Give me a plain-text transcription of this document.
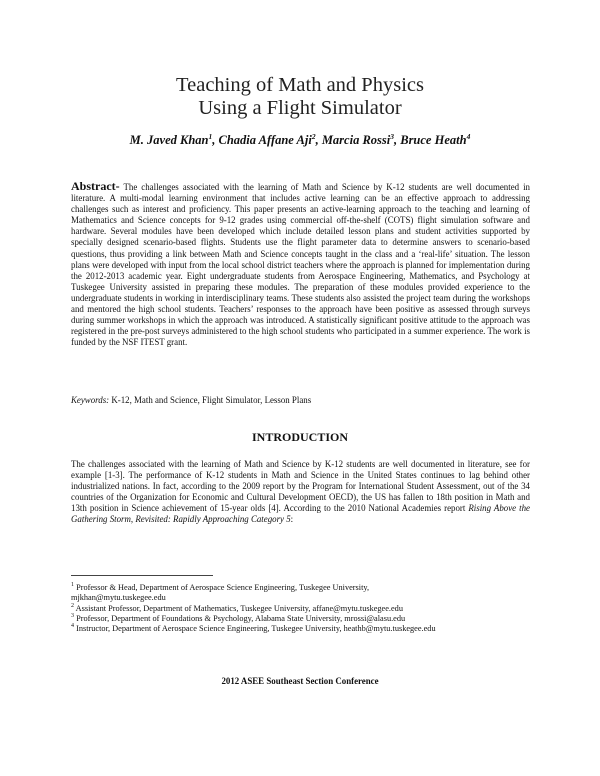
Teaching of Math and Physics
Using a Flight Simulator
M. Javed Khan$^1$, Chadia Affane Aji$^2$, Marcia Rossi$^3$, Bruce Heath$^4$
Abstract- The challenges associated with the learning of Math and Science by K-12 students are well documented in literature. A multi-modal learning environment that includes active learning can be an effective approach to addressing challenges such as interest and proficiency. This paper presents an active-learning approach to the teaching and learning of Mathematics and Science concepts for 9-12 grades using commercial off-the-shelf (COTS) flight simulation software and hardware. Several modules have been developed which include detailed lesson plans and student activities supported by specially designed scenario-based flights. Students use the flight parameter data to determine answers to scenario-based questions, thus providing a link between Math and Science concepts taught in the class and a ‘real-life’ situation. The lesson plans were developed with input from the local school district teachers where the approach is planned for implementation during the 2012-2013 academic year. Eight undergraduate students from Aerospace Engineering, Mathematics, and Psychology at Tuskegee University assisted in preparing these modules. The preparation of these modules provided experience to the undergraduate students in working in interdisciplinary teams. These students also assisted the project team during the workshops and mentored the high school students. Teachers’ responses to the approach have been positive as assessed through surveys during summer workshops in which the approach was introduced. A statistically significant positive attitude to the approach was registered in the pre-post surveys administered to the high school students who participated in a summer experience. The work is funded by the NSF ITEST grant.
Keywords: K-12, Math and Science, Flight Simulator, Lesson Plans
INTRODUCTION
The challenges associated with the learning of Math and Science by K-12 students are well documented in literature, see for example [1-3]. The performance of K-12 students in Math and Science in the United States continues to lag behind other industrialized nations. In fact, according to the 2009 report by the Program for International Student Assessment, out of the 34 countries of the Organization for Economic and Cultural Development OECD), the US has fallen to 18th position in Math and 13th position in Science achievement of 15-year olds [4]. According to the 2010 National Academies report Rising Above the Gathering Storm, Revisited: Rapidly Approaching Category 5:
$^1$ Professor & Head, Department of Aerospace Science Engineering, Tuskegee University,
mjkhan@mytu.tuskegee.edu
$^2$ Assistant Professor, Department of Mathematics, Tuskegee University, affane@mytu.tuskegee.edu
$^3$ Professor, Department of Foundations & Psychology, Alabama State University, mrossi@alasu.edu
$^4$ Instructor, Department of Aerospace Science Engineering, Tuskegee University, heathb@mytu.tuskegee.edu
2012 ASEE Southeast Section Conference
